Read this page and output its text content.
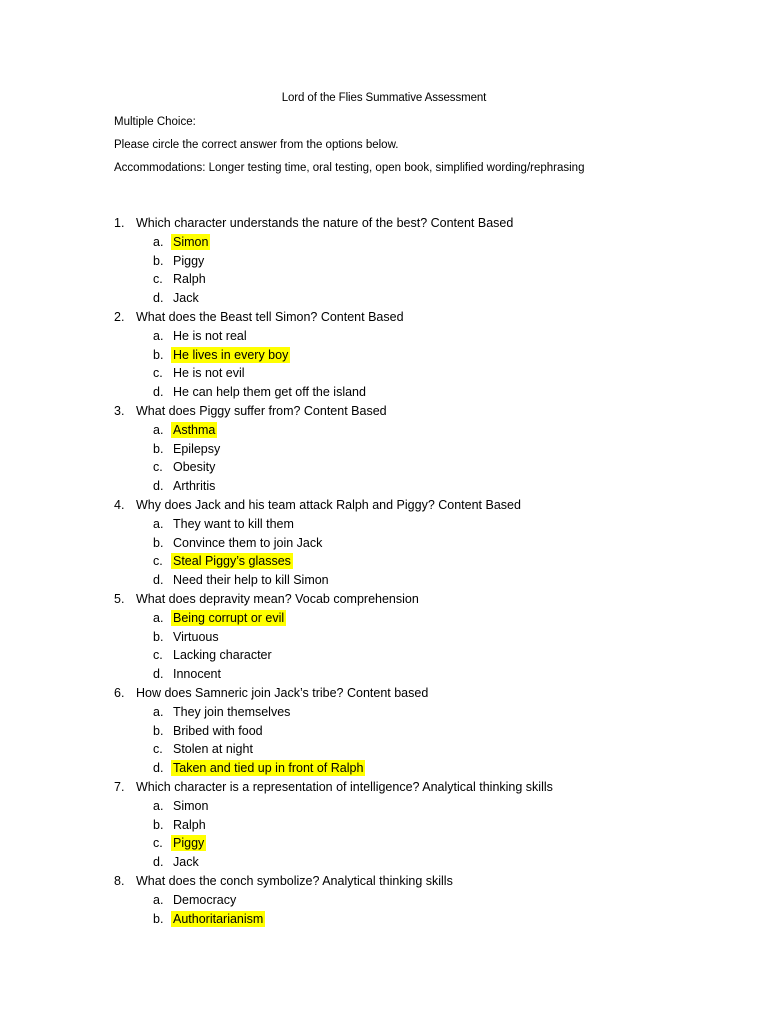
Lord of the Flies Summative Assessment
Multiple Choice:
Please circle the correct answer from the options below.
Accommodations: Longer testing time, oral testing, open book, simplified wording/rephrasing
1. Which character understands the nature of the best? Content Based
a. Simon
b. Piggy
c. Ralph
d. Jack
2. What does the Beast tell Simon? Content Based
a. He is not real
b. He lives in every boy
c. He is not evil
d. He can help them get off the island
3. What does Piggy suffer from? Content Based
a. Asthma
b. Epilepsy
c. Obesity
d. Arthritis
4. Why does Jack and his team attack Ralph and Piggy? Content Based
a. They want to kill them
b. Convince them to join Jack
c. Steal Piggy’s glasses
d. Need their help to kill Simon
5. What does depravity mean? Vocab comprehension
a. Being corrupt or evil
b. Virtuous
c. Lacking character
d. Innocent
6. How does Samneric join Jack’s tribe? Content based
a. They join themselves
b. Bribed with food
c. Stolen at night
d. Taken and tied up in front of Ralph
7. Which character is a representation of intelligence? Analytical thinking skills
a. Simon
b. Ralph
c. Piggy
d. Jack
8. What does the conch symbolize? Analytical thinking skills
a. Democracy
b. Authoritarianism
